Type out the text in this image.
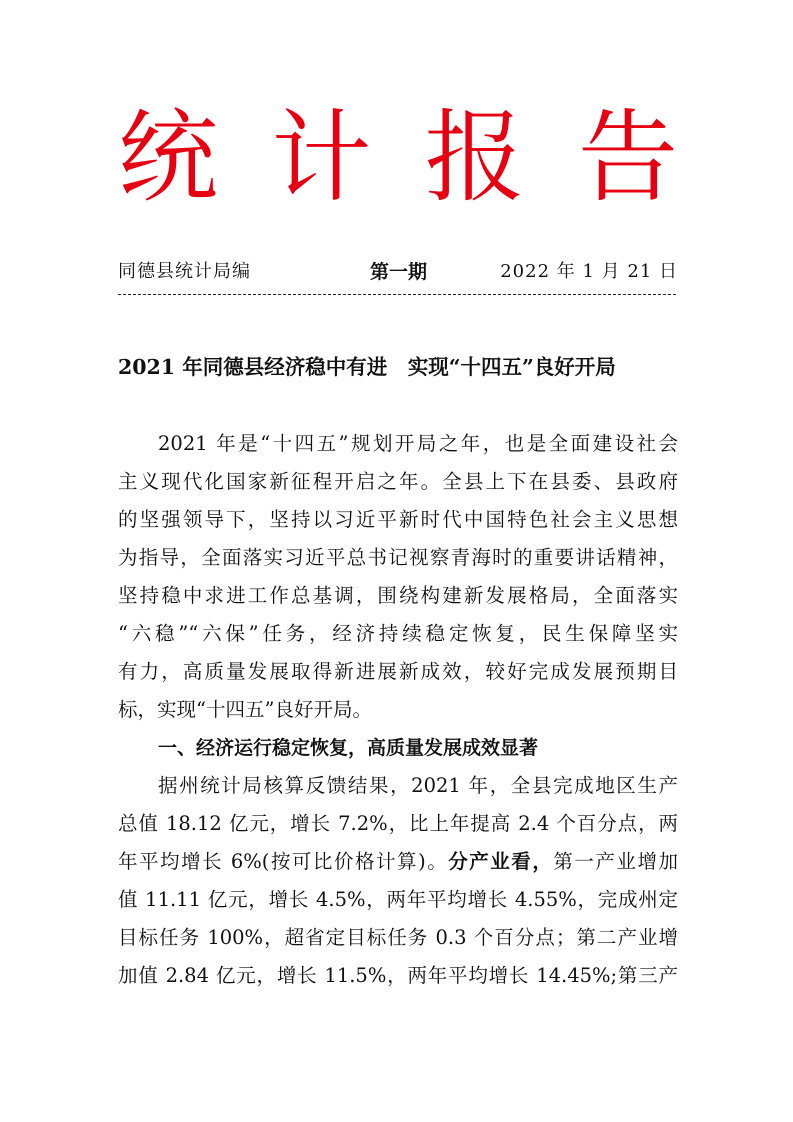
统 计 报 告
同德县统计局编	第一期	2022 年 1 月 21 日
2021 年同德县经济稳中有进　实现“十四五”良好开局
2021 年是“十四五”规划开局之年，也是全面建设社会
主义现代化国家新征程开启之年。全县上下在县委、县政府
的坚强领导下，坚持以习近平新时代中国特色社会主义思想
为指导，全面落实习近平总书记视察青海时的重要讲话精神，
坚持稳中求进工作总基调，围绕构建新发展格局，全面落实
“六稳”“六保”任务，经济持续稳定恢复，民生保障坚实
有力，高质量发展取得新进展新成效，较好完成发展预期目
标，实现“十四五”良好开局。
一、经济运行稳定恢复，高质量发展成效显著
据州统计局核算反馈结果，2021 年，全县完成地区生产
总值 18.12 亿元，增长 7.2%，比上年提高 2.4 个百分点，两
年平均增长 6%(按可比价格计算)。分产业看，第一产业增加
值 11.11 亿元，增长 4.5%，两年平均增长 4.55%，完成州定
目标任务 100%，超省定目标任务 0.3 个百分点；第二产业增
加值 2.84 亿元，增长 11.5%，两年平均增长 14.45%;第三产
